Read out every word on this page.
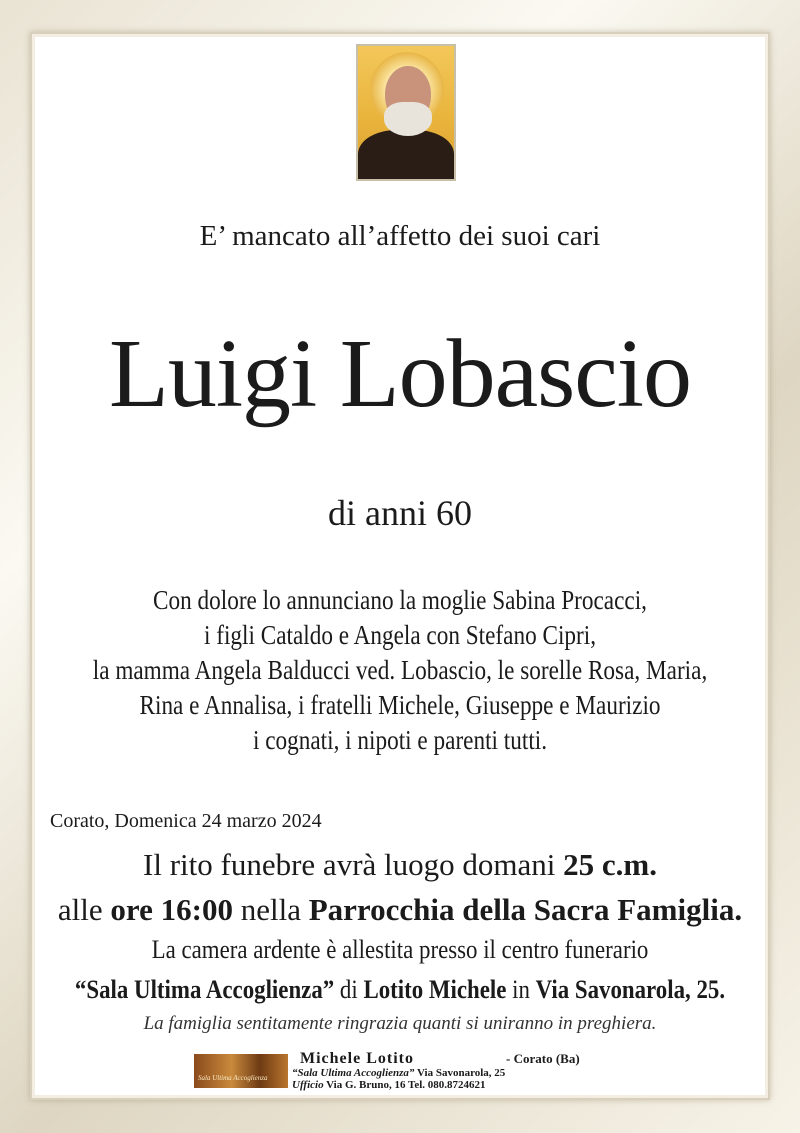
E’ mancato all’affetto dei suoi cari
Luigi Lobascio
di anni 60
Con dolore lo annunciano la moglie Sabina Procacci,
i figli Cataldo e Angela con Stefano Cipri,
la mamma Angela Balducci ved. Lobascio, le sorelle Rosa, Maria,
Rina e Annalisa, i fratelli Michele, Giuseppe e Maurizio
i cognati, i nipoti e parenti tutti.
Corato, Domenica 24 marzo 2024
Il rito funebre avrà luogo domani 25 c.m.
alle ore 16:00 nella Parrocchia della Sacra Famiglia.
La camera ardente è allestita presso il centro funerario
“Sala Ultima Accoglienza” di Lotito Michele in Via Savonarola, 25.
La famiglia sentitamente ringrazia quanti si uniranno in preghiera.
Sala Ultima Accoglienza
Michele Lotito	- Corato (Ba)
“Sala Ultima Accoglienza” Via Savonarola, 25
Ufficio Via G. Bruno, 16 Tel. 080.8724621
